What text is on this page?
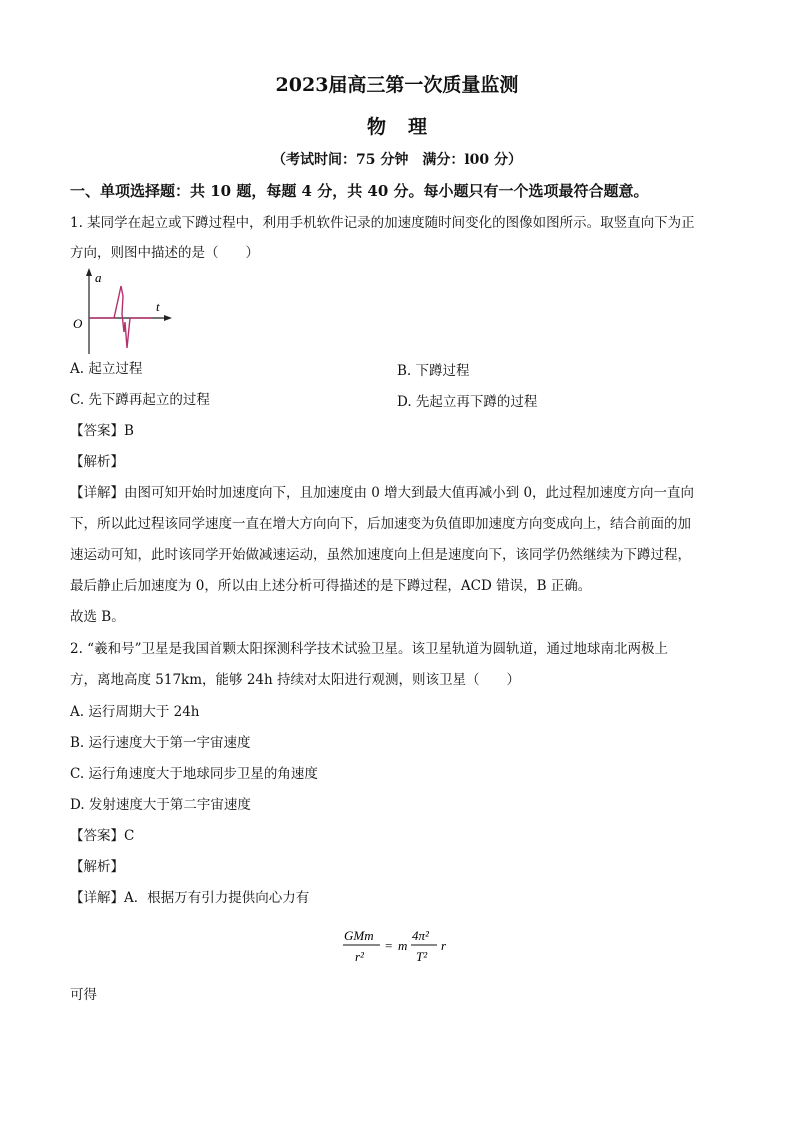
2023届高三第一次质量监测
物 理
（考试时间：75 分钟　满分：l00 分）
一、单项选择题：共 10 题，每题 4 分，共 40 分。每小题只有一个选项最符合题意。
1. 某同学在起立或下蹲过程中，利用手机软件记录的加速度随时间变化的图像如图所示。取竖直向下为正
方向，则图中描述的是（　　）
a
t
O
A. 起立过程	B. 下蹲过程
C. 先下蹲再起立的过程	D. 先起立再下蹲的过程
【答案】B
【解析】
【详解】由图可知开始时加速度向下，且加速度由 0 增大到最大值再减小到 0，此过程加速度方向一直向
下，所以此过程该同学速度一直在增大方向向下，后加速变为负值即加速度方向变成向上，结合前面的加
速运动可知，此时该同学开始做减速运动，虽然加速度向上但是速度向下，该同学仍然继续为下蹲过程，
最后静止后加速度为 0，所以由上述分析可得描述的是下蹲过程，ACD 错误，B 正确。
故选 B。
2. “羲和号”卫星是我国首颗太阳探测科学技术试验卫星。该卫星轨道为圆轨道，通过地球南北两极上
方，离地高度 517km，能够 24h 持续对太阳进行观测，则该卫星（　　）
A. 运行周期大于 24h
B. 运行速度大于第一宇宙速度
C. 运行角速度大于地球同步卫星的角速度
D. 发射速度大于第二宇宙速度
【答案】C
【解析】
【详解】A．根据万有引力提供向心力有
GMm
r²
= m
4π²
T²
r
可得
